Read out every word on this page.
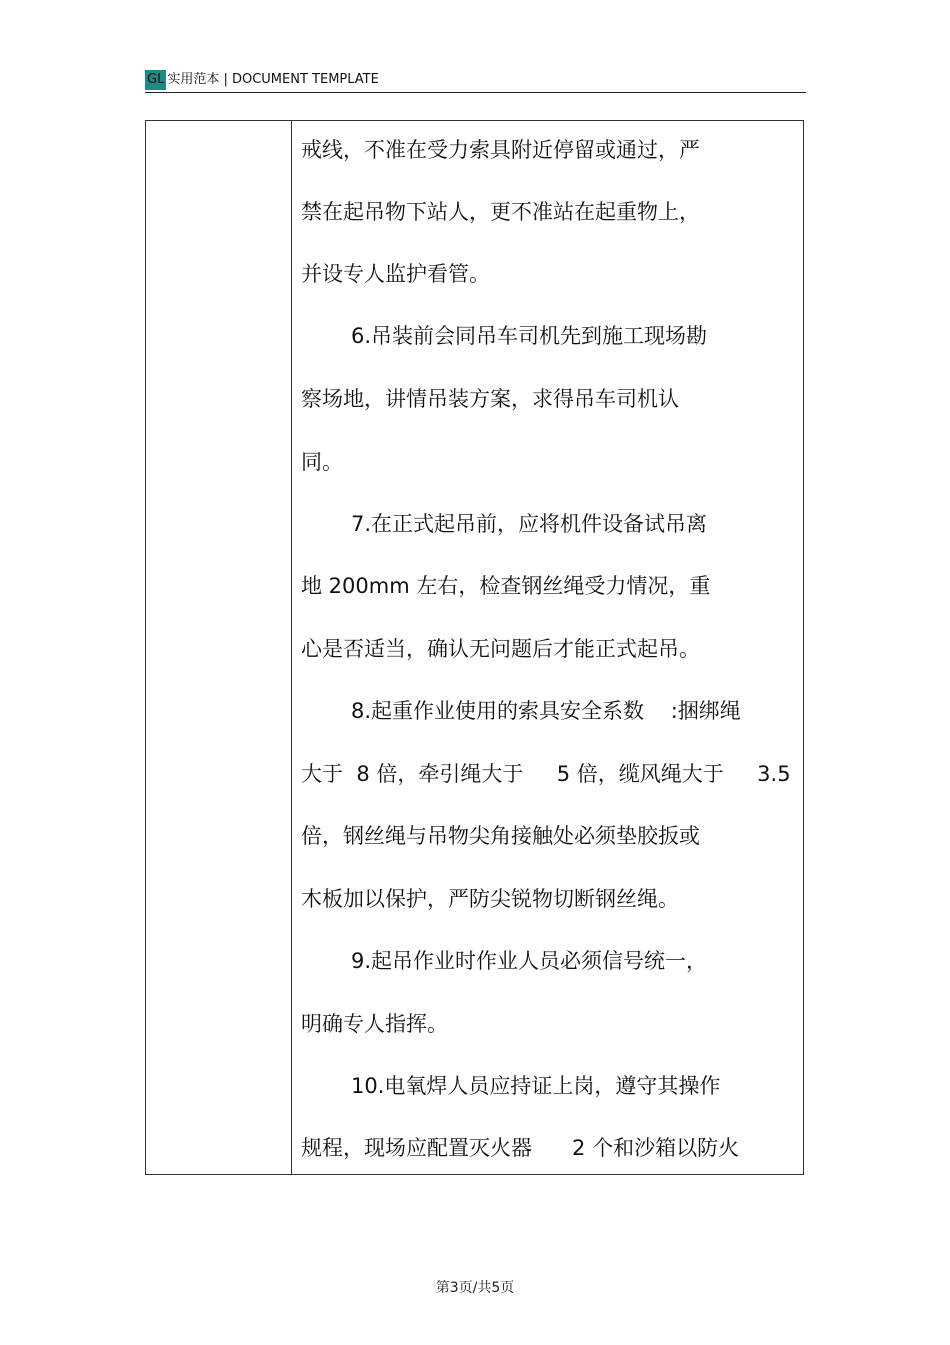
GL 实用范本 | DOCUMENT TEMPLATE
戒线，不准在受力索具附近停留或通过，严
禁在起吊物下站人，更不准站在起重物上，
并设专人监护看管。
6.吊装前会同吊车司机先到施工现场勘
察场地，讲情吊装方案，求得吊车司机认
同。
7.在正式起吊前，应将机件设备试吊离
地 200mm 左右，检查钢丝绳受力情况，重
心是否适当，确认无问题后才能正式起吊。
8.起重作业使用的索具安全系数    :捆绑绳
大于  8 倍，牵引绳大于     5 倍，缆风绳大于     3.5
倍，钢丝绳与吊物尖角接触处必须垫胶扳或
木板加以保护，严防尖锐物切断钢丝绳。
9.起吊作业时作业人员必须信号统一，
明确专人指挥。
10.电氧焊人员应持证上岗，遵守其操作
规程，现场应配置灭火器      2 个和沙箱以防火
第3页/共5页
